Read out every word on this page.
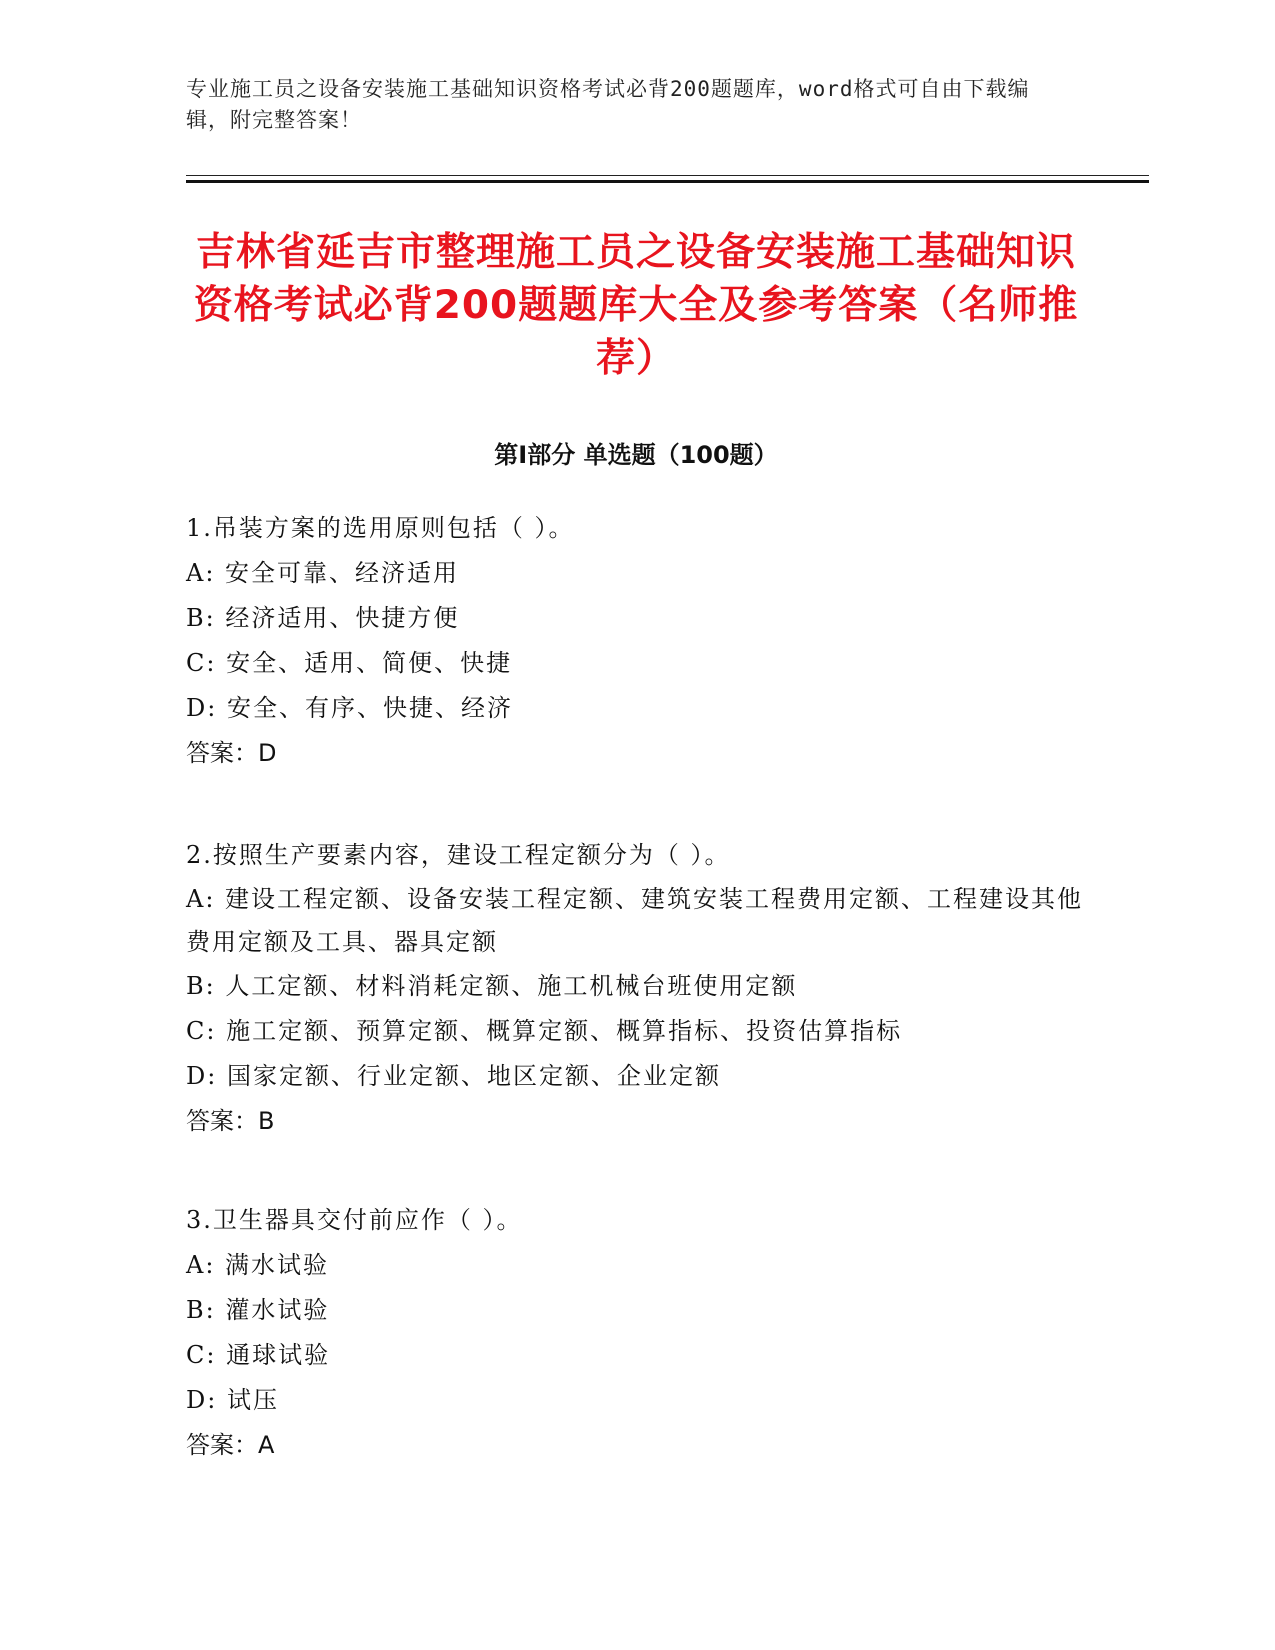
专业施工员之设备安装施工基础知识资格考试必背200题题库，word格式可自由下载编辑，附完整答案！
吉林省延吉市整理施工员之设备安装施工基础知识资格考试必背200题题库大全及参考答案（名师推荐）
第I部分 单选题（100题）

1.吊装方案的选用原则包括（ ）。

A: 安全可靠、经济适用

B: 经济适用、快捷方便

C: 安全、适用、简便、快捷

D: 安全、有序、快捷、经济

答案：D

2.按照生产要素内容，建设工程定额分为（ ）。

A: 建设工程定额、设备安装工程定额、建筑安装工程费用定额、工程建设其他费用定额及工具、器具定额

B: 人工定额、材料消耗定额、施工机械台班使用定额

C: 施工定额、预算定额、概算定额、概算指标、投资估算指标

D: 国家定额、行业定额、地区定额、企业定额

答案：B

3.卫生器具交付前应作（ ）。

A: 满水试验

B: 灌水试验

C: 通球试验

D: 试压

答案：A
